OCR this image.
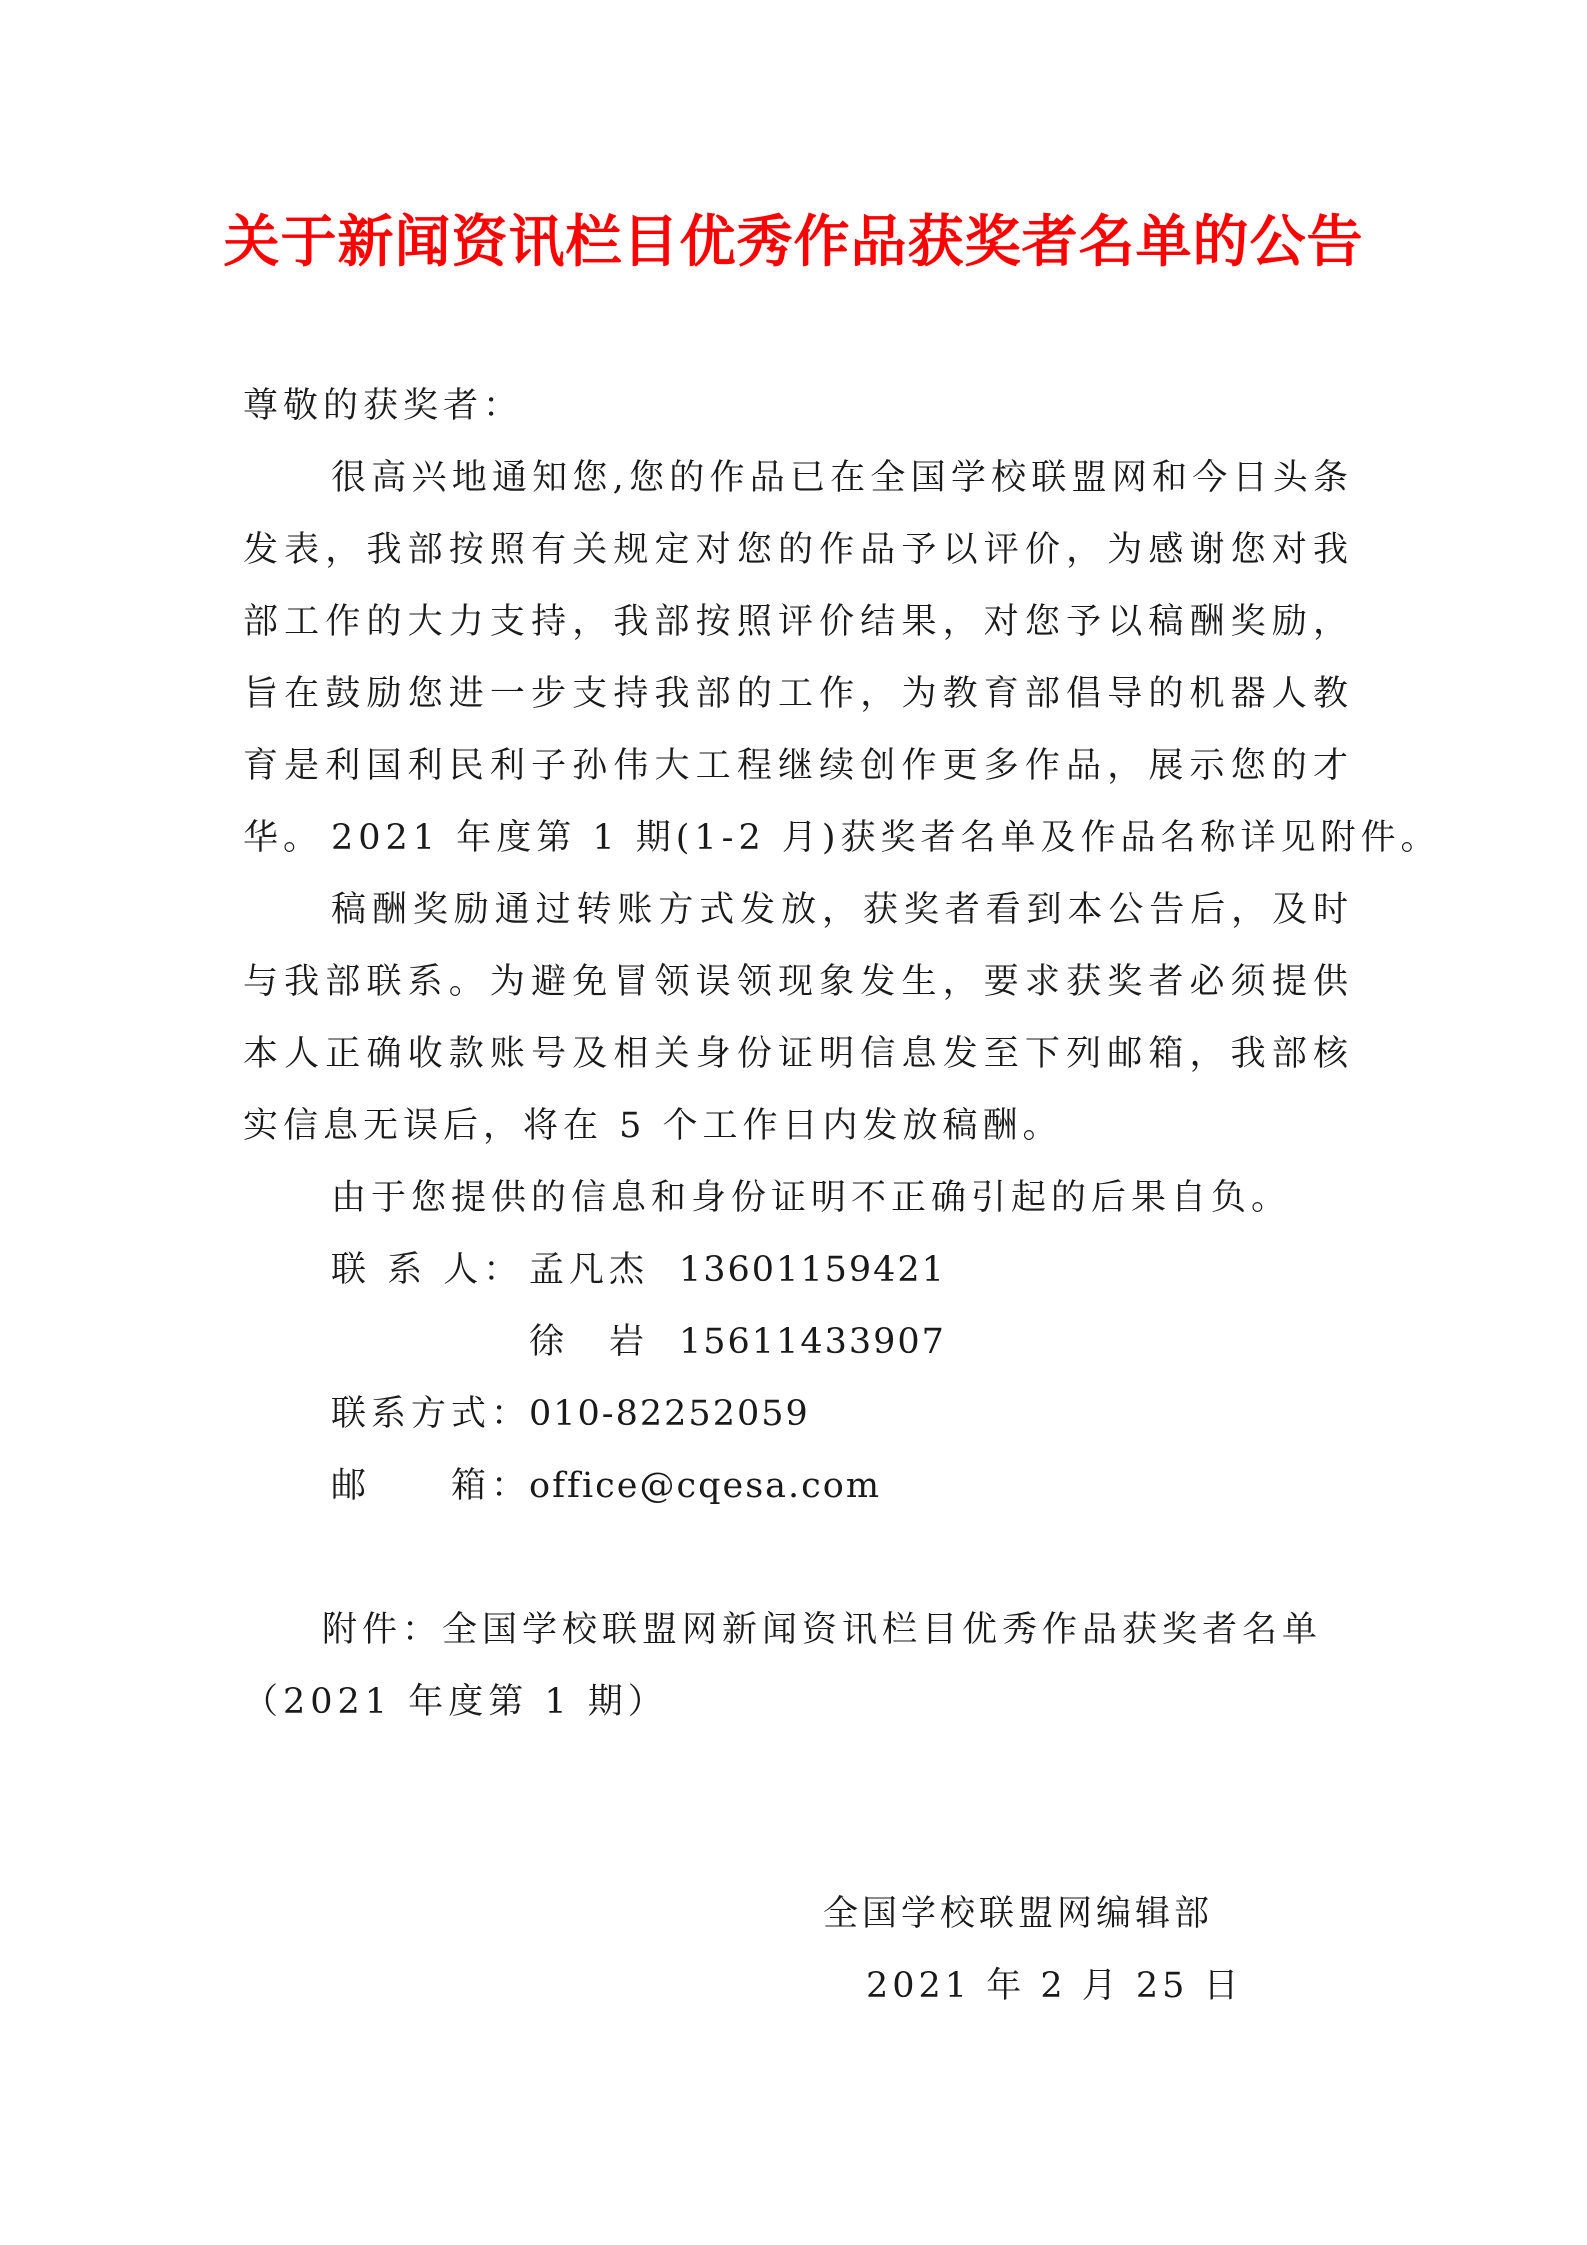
关于新闻资讯栏目优秀作品获奖者名单的公告
尊敬的获奖者：
很高兴地通知您,您的作品已在全国学校联盟网和今日头条发表，我部按照有关规定对您的作品予以评价，为感谢您对我部工作的大力支持，我部按照评价结果，对您予以稿酬奖励，旨在鼓励您进一步支持我部的工作，为教育部倡导的机器人教育是利国利民利子孙伟大工程继续创作更多作品，展示您的才华。 2021 年度第 1 期(1-2 月)获奖者名单及作品名称详见附件。
稿酬奖励通过转账方式发放，获奖者看到本公告后，及时与我部联系。为避免冒领误领现象发生，要求获奖者必须提供本人正确收款账号及相关身份证明信息发至下列邮箱，我部核实信息无误后，将在 5 个工作日内发放稿酬。
由于您提供的信息和身份证明不正确引起的后果自负。
联 系 人： 孟凡杰 13601159421
徐　岩 15611433907
联系方式：010-82252059
邮　　箱：office@cqesa.com
附件：全国学校联盟网新闻资讯栏目优秀作品获奖者名单
（2021 年度第 1 期）
全国学校联盟网编辑部
2021 年 2 月 25 日
